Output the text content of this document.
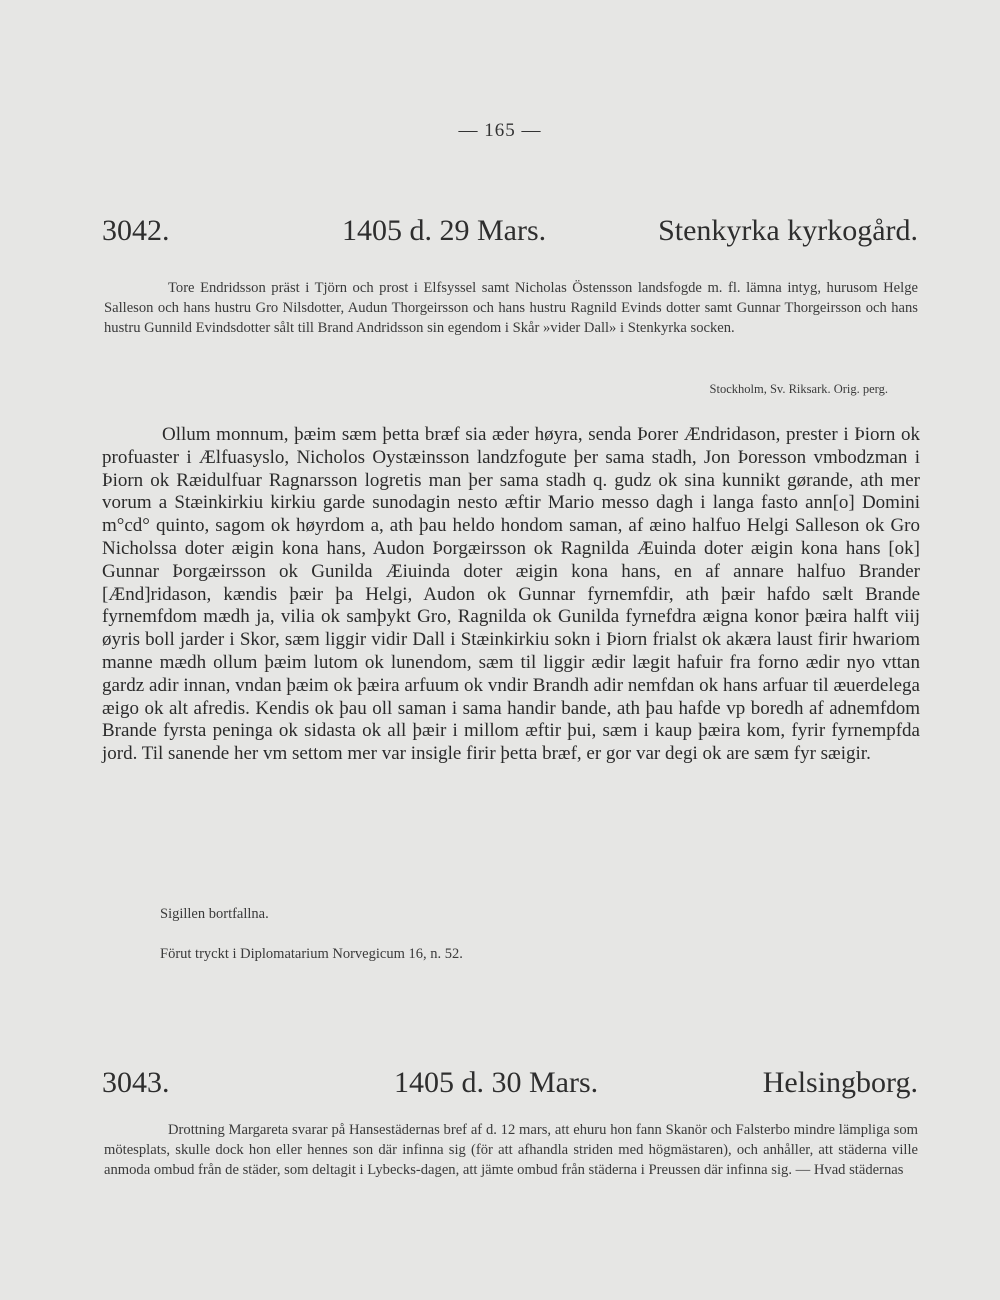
— 165 —
3042.	1405 d. 29 Mars.	Stenkyrka kyrkogård.

Tore Endridsson präst i Tjörn och prost i Elfsyssel samt Nicholas Östensson landsfogde m. fl. lämna intyg, hurusom Helge Salleson och hans hustru Gro Nilsdotter, Audun Thorgeirsson och hans hustru Ragnild Evinds dotter samt Gunnar Thorgeirsson och hans hustru Gunnild Evindsdotter sålt till Brand Andridsson sin egendom i Skår »vider Dall» i Stenkyrka socken.

Stockholm, Sv. Riksark. Orig. perg.

Ollum monnum, þæim sæm þetta bræf sia æder høyra, senda Þorer Ændridason, prester i Þiorn ok profuaster i Ælfuasyslo, Nicholos Oystæinsson landzfogute þer sama stadh, Jon Þoresson vmbodzman i Þiorn ok Ræidulfuar Ragnarsson logretis man þer sama stadh q. gudz ok sina kunnikt gørande, ath mer vorum a Stæinkirkiu kirkiu garde sunodagin nesto æftir Mario messo dagh i langa fasto ann[o] Domini m°cd° quinto, sagom ok høyrdom a, ath þau heldo hondom saman, af æino halfuo Helgi Salleson ok Gro Nicholssa doter æigin kona hans, Audon Þorgæirsson ok Ragnilda Æuinda doter æigin kona hans [ok] Gunnar Þorgæirsson ok Gunilda Æiuinda doter æigin kona hans, en af annare halfuo Brander [Ænd]ridason, kændis þæir þa Helgi, Audon ok Gunnar fyrnemfdir, ath þæir hafdo sælt Brande fyrnemfdom mædh ja, vilia ok samþykt Gro, Ragnilda ok Gunilda fyrnefdra æigna konor þæira halft viij øyris boll jarder i Skor, sæm liggir vidir Dall i Stæinkirkiu sokn i Þiorn frialst ok akæra laust firir hwariom manne mædh ollum þæim lutom ok lunendom, sæm til liggir ædir lægit hafuir fra forno ædir nyo vttan gardz adir innan, vndan þæim ok þæira arfuum ok vndir Brandh adir nemfdan ok hans arfuar til æuerdelega æigo ok alt afredis. Kendis ok þau oll saman i sama handir bande, ath þau hafde vp boredh af adnemfdom Brande fyrsta peninga ok sidasta ok all þæir i millom æftir þui, sæm i kaup þæira kom, fyrir fyrnempfda jord. Til sanende her vm settom mer var insigle firir þetta bræf, er gor var degi ok are sæm fyr sæigir.

Sigillen bortfallna.
Förut tryckt i Diplomatarium Norvegicum 16, n. 52.
3043.	1405 d. 30 Mars.	Helsingborg.

Drottning Margareta svarar på Hansestädernas bref af d. 12 mars, att ehuru hon fann Skanör och Falsterbo mindre lämpliga som mötesplats, skulle dock hon eller hennes son där infinna sig (för att afhandla striden med högmästaren), och anhåller, att städerna ville anmoda ombud från de städer, som deltagit i Lybecks-dagen, att jämte ombud från städerna i Preussen där infinna sig. — Hvad städernas
